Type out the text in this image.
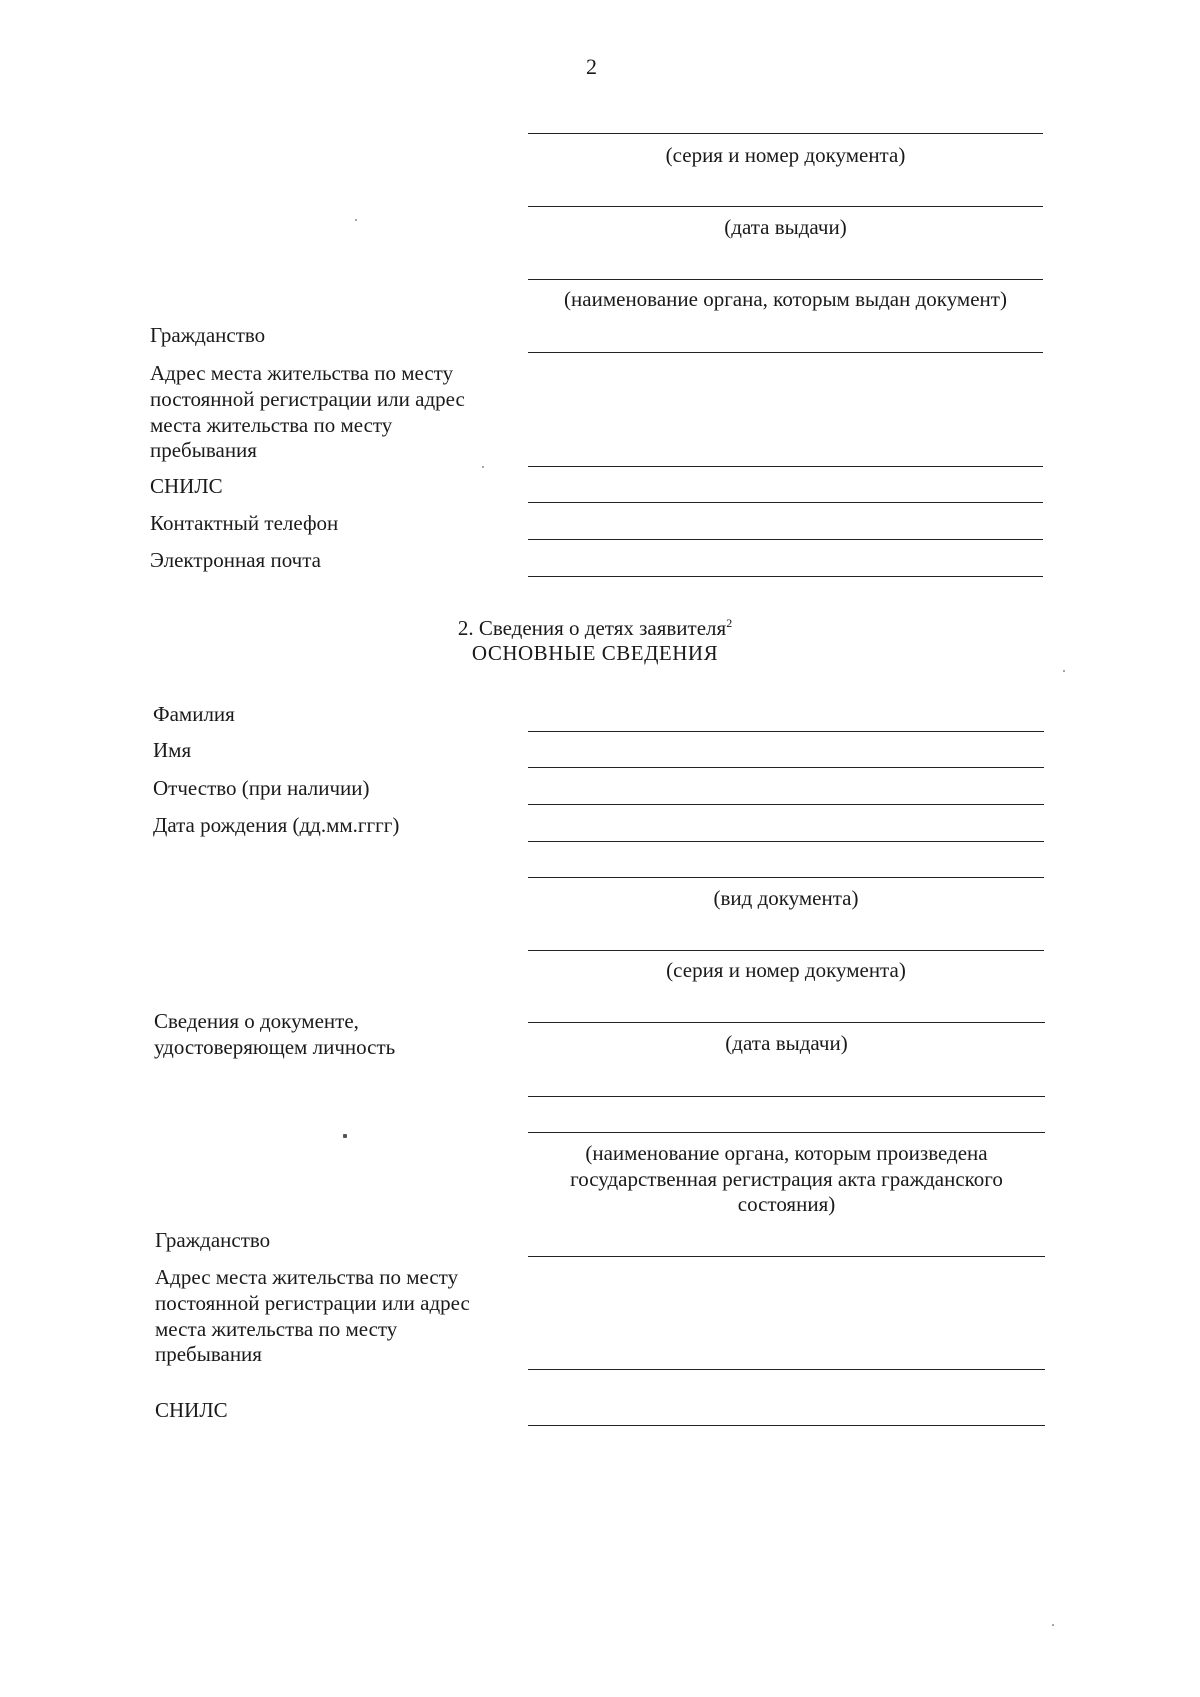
2
(серия и номер документа)
(дата выдачи)
(наименование органа, которым выдан документ)
Гражданство
Адрес места жительства по месту
постоянной регистрации или адрес
места жительства по месту
пребывания
СНИЛС
Контактный телефон
Электронная почта
2. Сведения о детях заявителя$^2$
ОСНОВНЫЕ СВЕДЕНИЯ
Фамилия
Имя
Отчество (при наличии)
Дата рождения (дд.мм.гггг)
(вид документа)
(серия и номер документа)
Сведения о документе,
удостоверяющем личность	(дата выдачи)
(наименование органа, которым произведена
государственная регистрация акта гражданского
состояния)
Гражданство
Адрес места жительства по месту
постоянной регистрации или адрес
места жительства по месту
пребывания
СНИЛС
